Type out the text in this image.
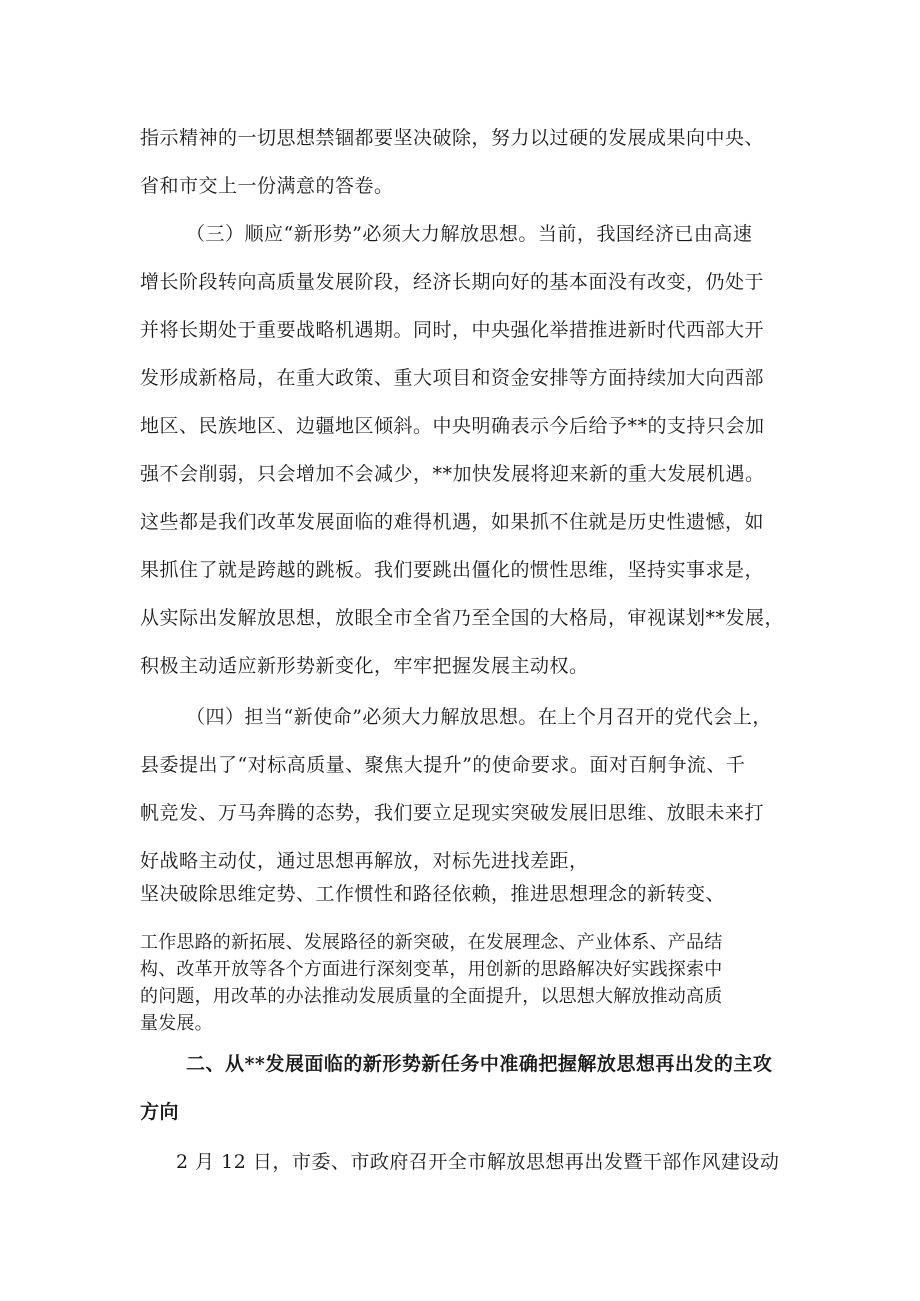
指示精神的一切思想禁锢都要坚决破除，努力以过硬的发展成果向中央、
省和市交上一份满意的答卷。
（三）顺应“新形势”必须大力解放思想。当前，我国经济已由高速
增长阶段转向高质量发展阶段，经济长期向好的基本面没有改变，仍处于
并将长期处于重要战略机遇期。同时，中央强化举措推进新时代西部大开
发形成新格局，在重大政策、重大项目和资金安排等方面持续加大向西部
地区、民族地区、边疆地区倾斜。中央明确表示今后给予**的支持只会加
强不会削弱，只会增加不会减少，**加快发展将迎来新的重大发展机遇。
这些都是我们改革发展面临的难得机遇，如果抓不住就是历史性遗憾，如
果抓住了就是跨越的跳板。我们要跳出僵化的惯性思维，坚持实事求是，
从实际出发解放思想，放眼全市全省乃至全国的大格局，审视谋划**发展，
积极主动适应新形势新变化，牢牢把握发展主动权。
（四）担当“新使命”必须大力解放思想。在上个月召开的党代会上，
县委提出了“对标高质量、聚焦大提升”的使命要求。面对百舸争流、千
帆竞发、万马奔腾的态势，我们要立足现实突破发展旧思维、放眼未来打
好战略主动仗，通过思想再解放，对标先进找差距，
坚决破除思维定势、工作惯性和路径依赖，推进思想理念的新转变、
工作思路的新拓展、发展路径的新突破，在发展理念、产业体系、产品结
构、改革开放等各个方面进行深刻变革，用创新的思路解决好实践探索中
的问题，用改革的办法推动发展质量的全面提升，以思想大解放推动高质
量发展。
二、从**发展面临的新形势新任务中准确把握解放思想再出发的主攻
方向
2 月 12 日，市委、市政府召开全市解放思想再出发暨干部作风建设动
